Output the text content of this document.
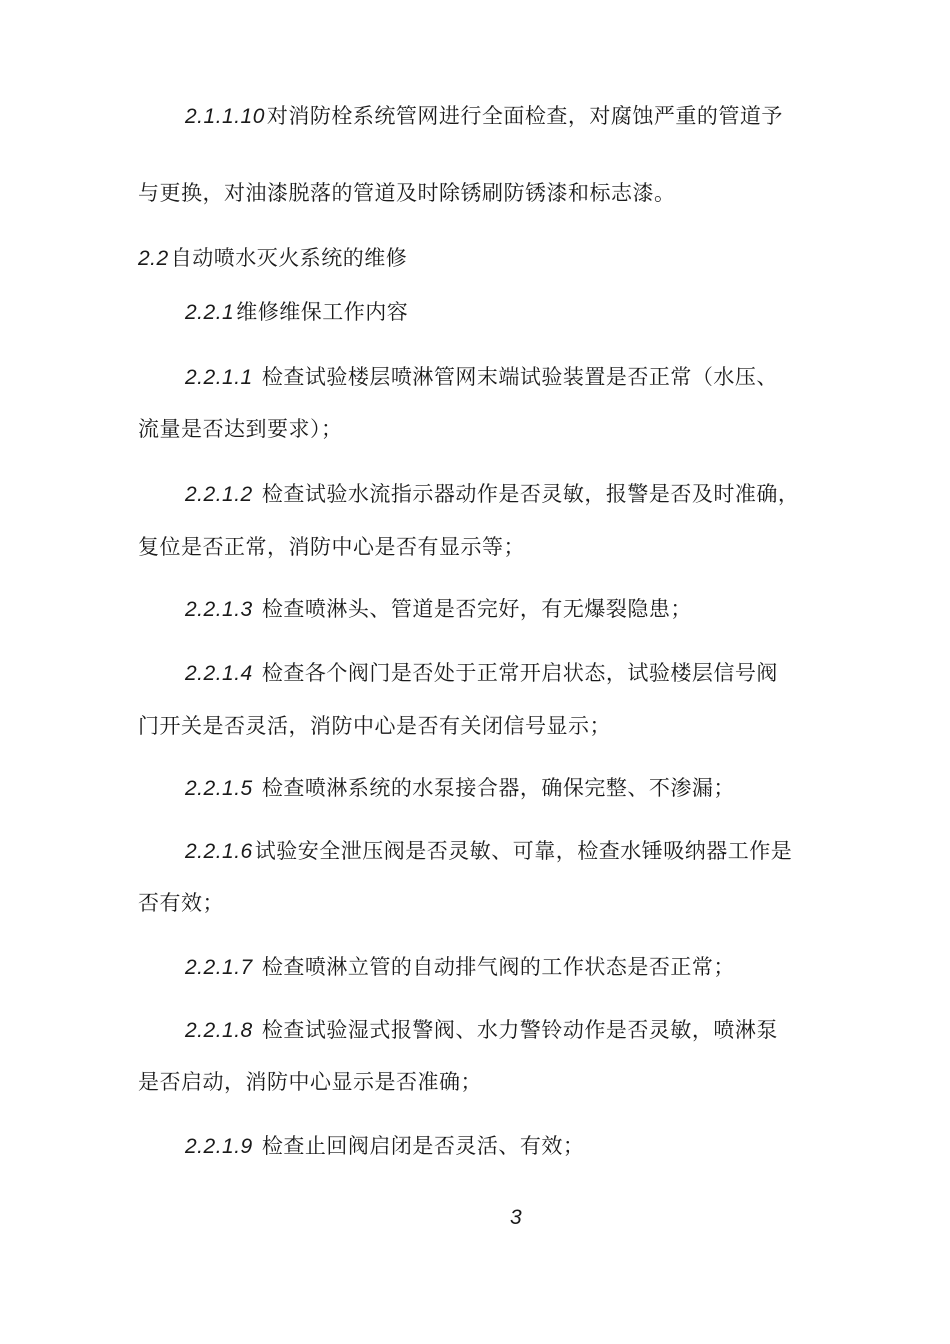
2.1.1.10对消防栓系统管网进行全面检查，对腐蚀严重的管道予
与更换，对油漆脱落的管道及时除锈刷防锈漆和标志漆。
2.2自动喷水灭火系统的维修
2.2.1维修维保工作内容
2.2.1.1 检查试验楼层喷淋管网末端试验装置是否正常（水压、
流量是否达到要求）；
2.2.1.2 检查试验水流指示器动作是否灵敏，报警是否及时准确，
复位是否正常，消防中心是否有显示等；
2.2.1.3 检查喷淋头、管道是否完好，有无爆裂隐患；
2.2.1.4 检查各个阀门是否处于正常开启状态，试验楼层信号阀
门开关是否灵活，消防中心是否有关闭信号显示；
2.2.1.5 检查喷淋系统的水泵接合器，确保完整、不渗漏；
2.2.1.6试验安全泄压阀是否灵敏、可靠，检查水锤吸纳器工作是
否有效；
2.2.1.7 检查喷淋立管的自动排气阀的工作状态是否正常；
2.2.1.8 检查试验湿式报警阀、水力警铃动作是否灵敏，喷淋泵
是否启动，消防中心显示是否准确；
2.2.1.9 检查止回阀启闭是否灵活、有效；
3
